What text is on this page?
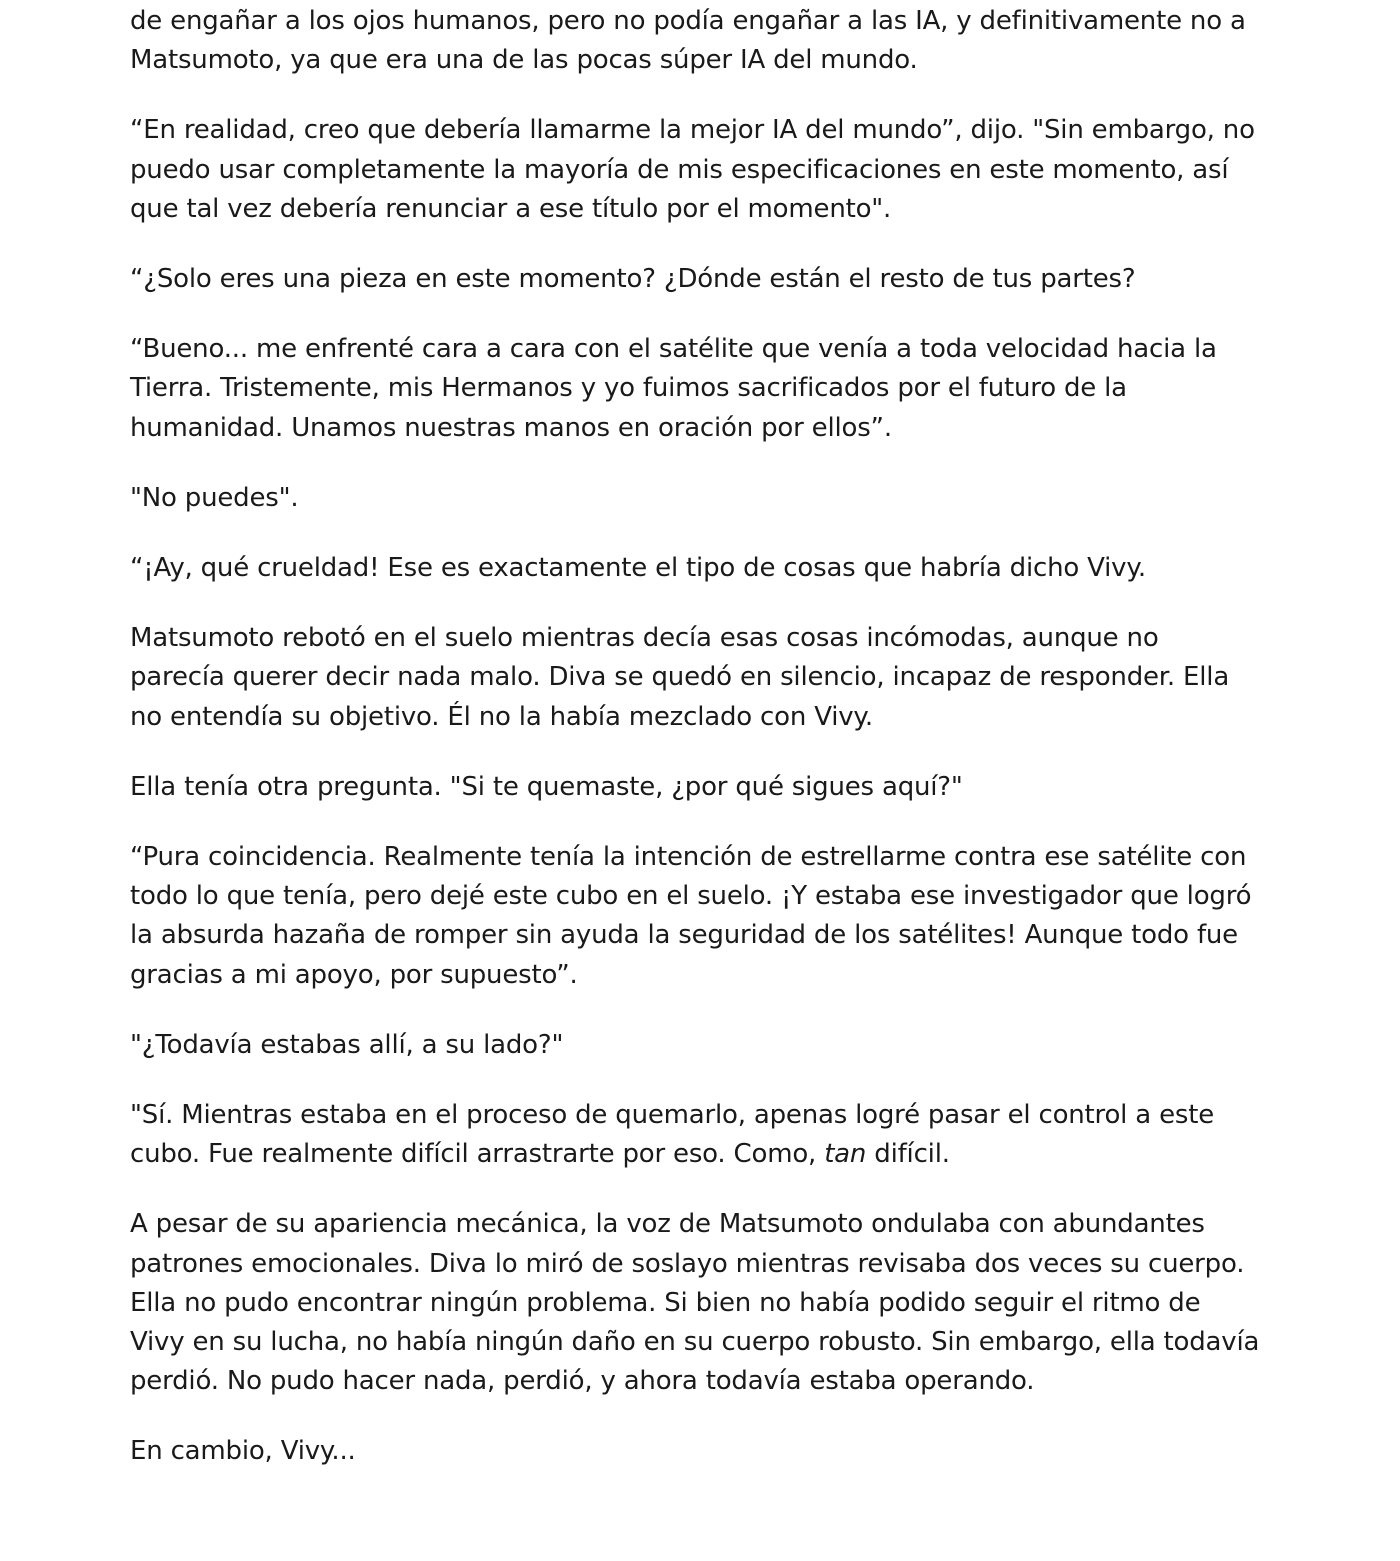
de engañar a los ojos humanos, pero no podía engañar a las IA, y definitivamente no a
Matsumoto, ya que era una de las pocas súper IA del mundo.

“En realidad, creo que debería llamarme la mejor IA del mundo”, dijo. "Sin embargo, no
puedo usar completamente la mayoría de mis especificaciones en este momento, así
que tal vez debería renunciar a ese título por el momento".

“¿Solo eres una pieza en este momento? ¿Dónde están el resto de tus partes?

“Bueno... me enfrenté cara a cara con el satélite que venía a toda velocidad hacia la
Tierra. Tristemente, mis Hermanos y yo fuimos sacrificados por el futuro de la
humanidad. Unamos nuestras manos en oración por ellos”.

"No puedes".

“¡Ay, qué crueldad! Ese es exactamente el tipo de cosas que habría dicho Vivy.

Matsumoto rebotó en el suelo mientras decía esas cosas incómodas, aunque no
parecía querer decir nada malo. Diva se quedó en silencio, incapaz de responder. Ella
no entendía su objetivo. Él no la había mezclado con Vivy.

Ella tenía otra pregunta. "Si te quemaste, ¿por qué sigues aquí?"

“Pura coincidencia. Realmente tenía la intención de estrellarme contra ese satélite con
todo lo que tenía, pero dejé este cubo en el suelo. ¡Y estaba ese investigador que logró
la absurda hazaña de romper sin ayuda la seguridad de los satélites! Aunque todo fue
gracias a mi apoyo, por supuesto”.

"¿Todavía estabas allí, a su lado?"

"Sí. Mientras estaba en el proceso de quemarlo, apenas logré pasar el control a este
cubo. Fue realmente difícil arrastrarte por eso. Como, tan difícil.

A pesar de su apariencia mecánica, la voz de Matsumoto ondulaba con abundantes
patrones emocionales. Diva lo miró de soslayo mientras revisaba dos veces su cuerpo.
Ella no pudo encontrar ningún problema. Si bien no había podido seguir el ritmo de
Vivy en su lucha, no había ningún daño en su cuerpo robusto. Sin embargo, ella todavía
perdió. No pudo hacer nada, perdió, y ahora todavía estaba operando.

En cambio, Vivy...
